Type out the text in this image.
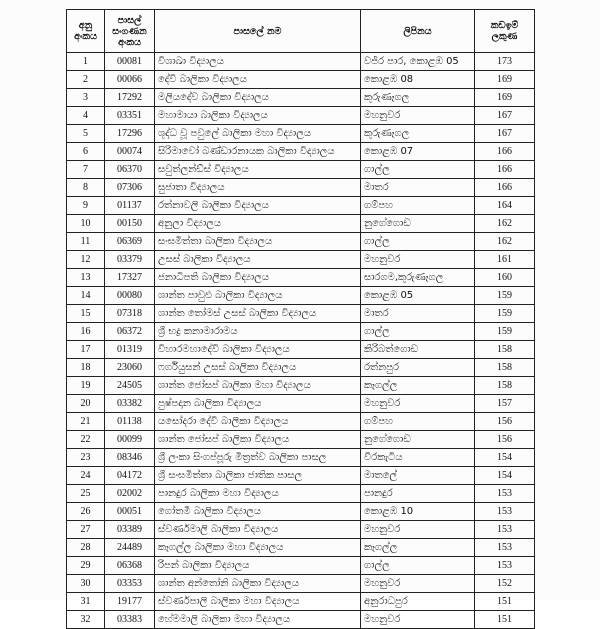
අනු අංකය	පාසල් සංගණන අංකය	පාසලේ නම	ලිපිනය	කඩඉම් ලකුණ
1	00081	විශාඛා විද්‍යාලය	වජිර පාර, කොළඹ 05	173
2	00066	දේවි බාලිකා විද්‍යාලය	කොළඹ 08	169
3	17292	මලියදේව බාලිකා විද්‍යාලය	කුරුණෑගල	169
4	03351	මහාමායා බාලිකා විද්‍යාලය	මහනුවර	167
5	17296	ශුද්ධ වූ පවුලේ බාලිකා මහා විද්‍යාලය	කුරුණෑගල	167
6	00074	සිරිමාවෝ බණ්ඩාරනායක බාලිකා විද්‍යාලය	කොළඹ 07	166
7	06370	සවුත්ලන්ඩ්ස් විද්‍යාලය	ගාල්ල	166
8	07306	සුජාතා විද්‍යාලය	මාතර	166
9	01137	රත්නාවලි බාලිකා විද්‍යාලය	ගම්පහ	164
10	00150	අනුලා විද්‍යාලය	නුගේගොඩ	162
11	06369	සංඝමිත්තා බාලිකා විද්‍යාලය	ගාල්ල	162
12	03379	උසස් බාලිකා විද්‍යාලය	මහනුවර	161
13	17327	ජනාධිපති බාලිකා විද්‍යාලය	සාරගම,කුරුණෑගල	160
14	00080	ශාන්ත පාවුළු බාලිකා විද්‍යාලය	කොළඹ 05	159
15	07318	ශාන්ත තෝමස් උසස් බාලිකා විද්‍යාලය	මාතර	159
16	06372	ශ්‍රී භද්‍ර කනාමාරාමය	ගාල්ල	159
17	01319	විහාරමහාදේවි බාලිකා විද්‍යාලය	කිරිබත්ගොඩ	158
18	23060	ෆර්ගියුසන් උසස් බාලිකා විද්‍යාලය	රත්නපුර	158
19	24505	ශාන්ත ජෝසප් බාලිකා මහා විද්‍යාලය	කෑගල්ල	158
20	03382	පුෂ්පදාන බාලිකා විද්‍යාලය	මහනුවර	157
21	01138	යසෝදරා දේවි බාලිකා විද්‍යාලය	ගම්පහ	156
22	00099	ශාන්ත ජෝසප් බාලිකා විද්‍යාලය	නුගේගොඩ	156
23	08346	ශ්‍රී ලංකා සිංගප්පූරු මිත්‍රත්ව බාලිකා පාසල	වීරකැටිය	154
24	04172	ශ්‍රී සංඝමිත්තා බාලිකා ජාතික පාසල	මාතලේ	154
25	02002	පානදුර බාලිකා මහා විද්‍යාලය	පානදුර	153
26	00051	ගෝතමී බාලිකා විද්‍යාලය	කොළඹ 10	153
27	03389	ස්වර්ණමාලි බාලිකා විද්‍යාලය	මහනුවර	153
28	24489	කෑගල්ල බාලිකා මහා විද්‍යාලය	කෑගල්ල	153
29	06368	රිපන් බාලිකා විද්‍යාලය	ගාල්ල	153
30	03353	ශාන්ත අන්තෝනි බාලිකා විද්‍යාලය	මහනුවර	152
31	19177	ස්වර්ණපාලි බාලිකා මහා විද්‍යාලය	අනුරාධපුර	151
32	03383	හේමමාලි බාලිකා මහා විද්‍යාලය	මහනුවර	151
